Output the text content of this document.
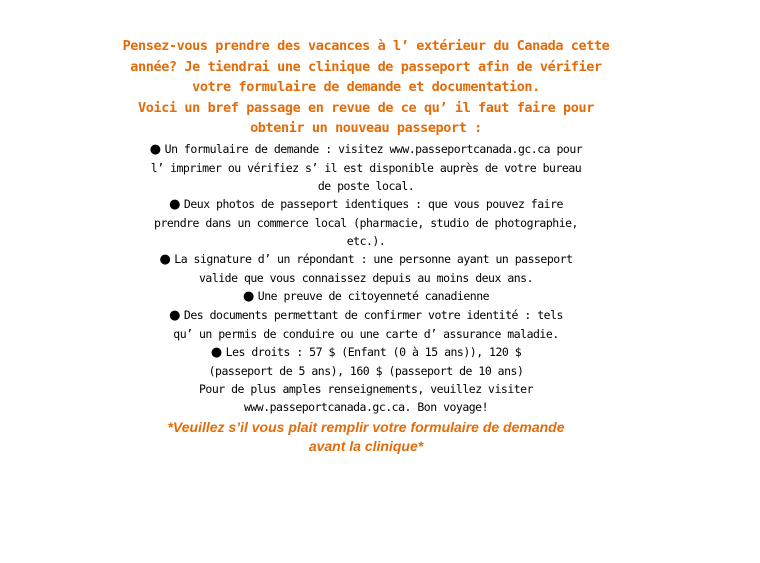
Pensez-vous prendre des vacances à l’ extérieur du Canada cette année? Je tiendrai une clinique de passeport afin de vérifier votre formulaire de demande et documentation.

Voici un bref passage en revue de ce qu’ il faut faire pour obtenir un nouveau passeport :

● Un formulaire de demande : visitez www.passeportcanada.gc.ca pour l’ imprimer ou vérifiez s’ il est disponible auprès de votre bureau de poste local.

● Deux photos de passeport identiques : que vous pouvez faire prendre dans un commerce local (pharmacie, studio de photographie, etc.).

● La signature d’ un répondant : une personne ayant un passeport valide que vous connaissez depuis au moins deux ans.

● Une preuve de citoyenneté canadienne

● Des documents permettant de confirmer votre identité : tels qu’ un permis de conduire ou une carte d’ assurance maladie.

● Les droits : 57 $ (Enfant (0 à 15 ans)), 120 $ (passeport de 5 ans), 160 $ (passeport de 10 ans)

Pour de plus amples renseignements, veuillez visiter www.passeportcanada.gc.ca. Bon voyage!

*Veuillez s’il vous plait remplir votre formulaire de demande avant la clinique*
